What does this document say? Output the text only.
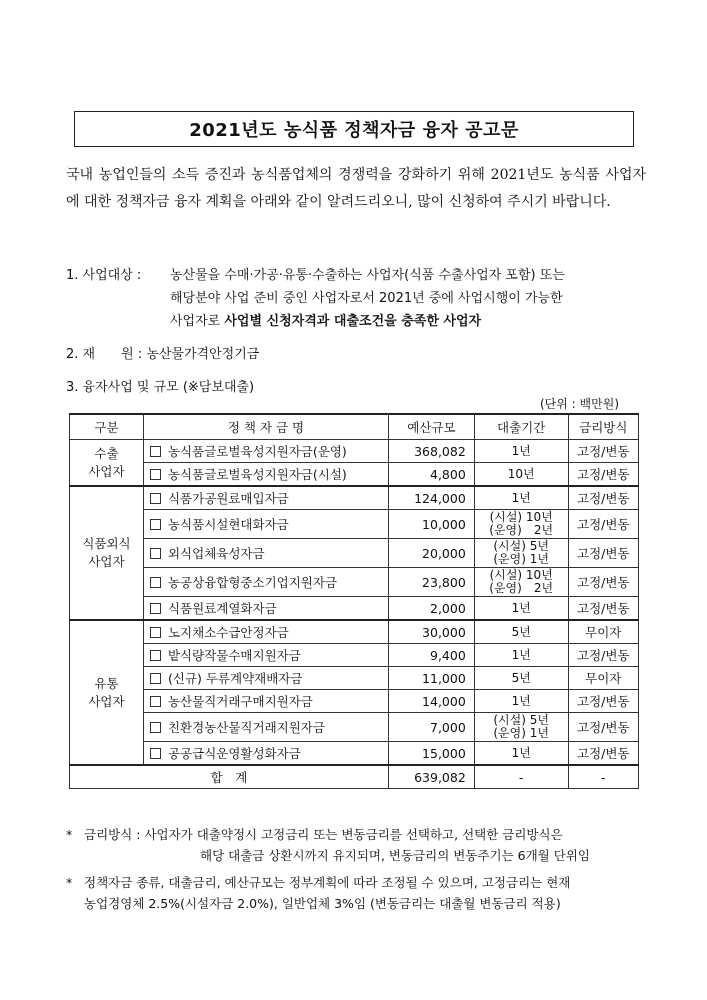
2021년도 농식품 정책자금 융자 공고문
국내 농업인들의 소득 증진과 농식품업체의 경쟁력을 강화하기 위해 2021년도 농식품 사업자에 대한 정책자금 융자 계획을 아래와 같이 알려드리오니, 많이 신청하여 주시기 바랍니다.
1. 사업대상 : 농산물을 수매·가공·유통·수출하는 사업자(식품 수출사업자 포함) 또는
해당분야 사업 준비 중인 사업자로서 2021년 중에 사업시행이 가능한
사업자로 사업별 신청자격과 대출조건을 충족한 사업자
2. 재　　원 : 농산물가격안정기금
3. 융자사업 및 규모 (※담보대출)
(단위 : 백만원)
구분	정 책 자 금 명	예산규모	대출기간	금리방식
수출
사업자	농식품글로벌육성지원자금(운영)	368,082	1년	고정/변동
	농식품글로벌육성지원자금(시설)	4,800	10년	고정/변동
식품외식
사업자	식품가공원료매입자금	124,000	1년	고정/변동
	농식품시설현대화자금	10,000	(시설) 10년
(운영)　2년	고정/변동
	외식업체육성자금	20,000	(시설) 5년
(운영) 1년	고정/변동
	농공상융합형중소기업지원자금	23,800	(시설) 10년
(운영)　2년	고정/변동
	식품원료계열화자금	2,000	1년	고정/변동
유통
사업자	노지채소수급안정자금	30,000	5년	무이자
	밭식량작물수매지원자금	9,400	1년	고정/변동
	(신규) 두류계약재배자금	11,000	5년	무이자
	농산물직거래구매지원자금	14,000	1년	고정/변동
	친환경농산물직거래지원자금	7,000	(시설) 5년
(운영) 1년	고정/변동
	공공급식운영활성화자금	15,000	1년	고정/변동
합　계		639,082	-	-
* 금리방식 : 사업자가 대출약정시 고정금리 또는 변동금리를 선택하고, 선택한 금리방식은
해당 대출금 상환시까지 유지되며, 변동금리의 변동주기는 6개월 단위임
* 정책자금 종류, 대출금리, 예산규모는 정부계획에 따라 조정될 수 있으며, 고정금리는 현재
농업경영체 2.5%(시설자금 2.0%), 일반업체 3%임 (변동금리는 대출월 변동금리 적용)
